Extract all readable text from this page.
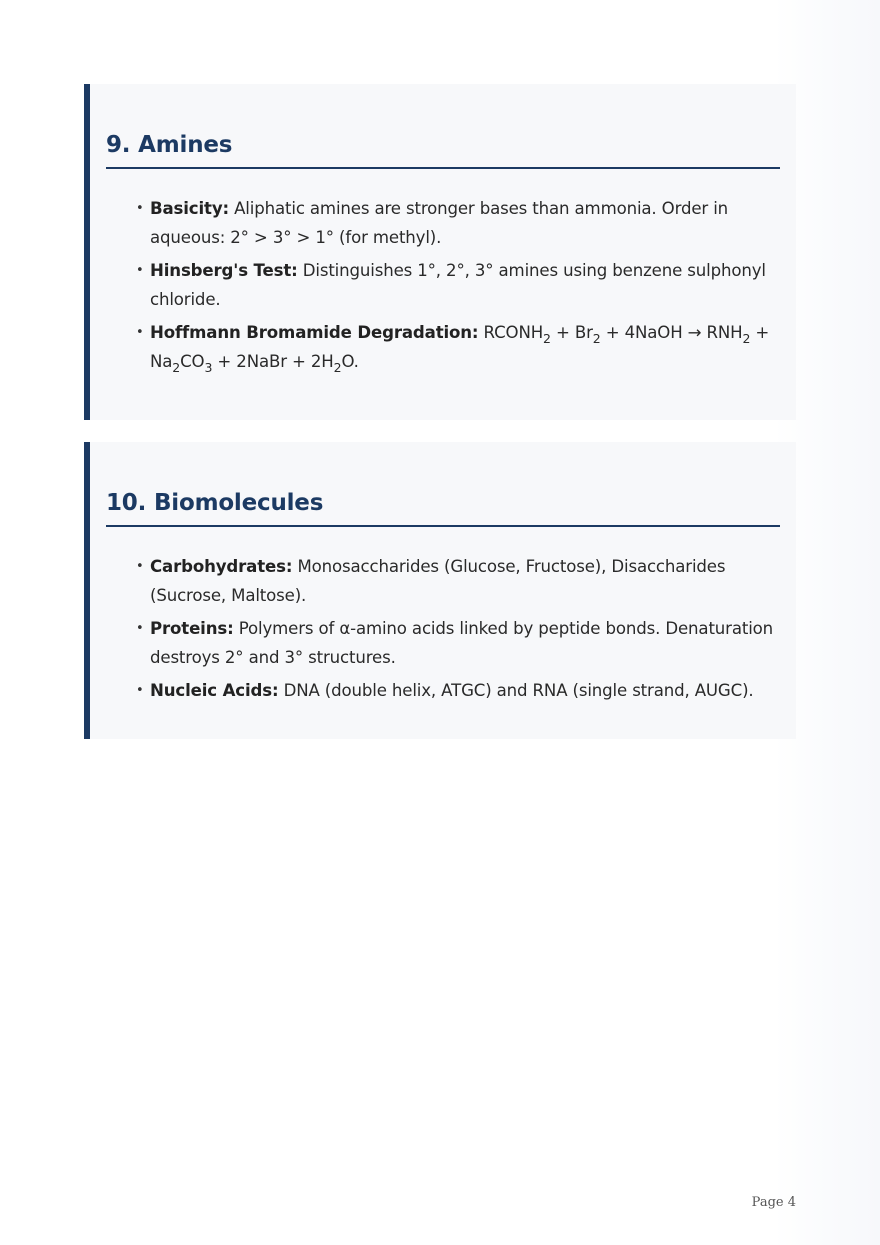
9. Amines
• Basicity: Aliphatic amines are stronger bases than ammonia. Order in aqueous: 2° > 3° > 1° (for methyl).
• Hinsberg's Test: Distinguishes 1°, 2°, 3° amines using benzene sulphonyl chloride.
• Hoffmann Bromamide Degradation: $RCONH_2 + Br_2$ + 4NaOH → $RNH_2 + Na_2CO_3$ + 2NaBr + $2H_2O$.
10. Biomolecules
• Carbohydrates: Monosaccharides (Glucose, Fructose), Disaccharides (Sucrose, Maltose).
• Proteins: Polymers of α-amino acids linked by peptide bonds. Denaturation destroys 2° and 3° structures.
• Nucleic Acids: DNA (double helix, ATGC) and RNA (single strand, AUGC).
Page 4
